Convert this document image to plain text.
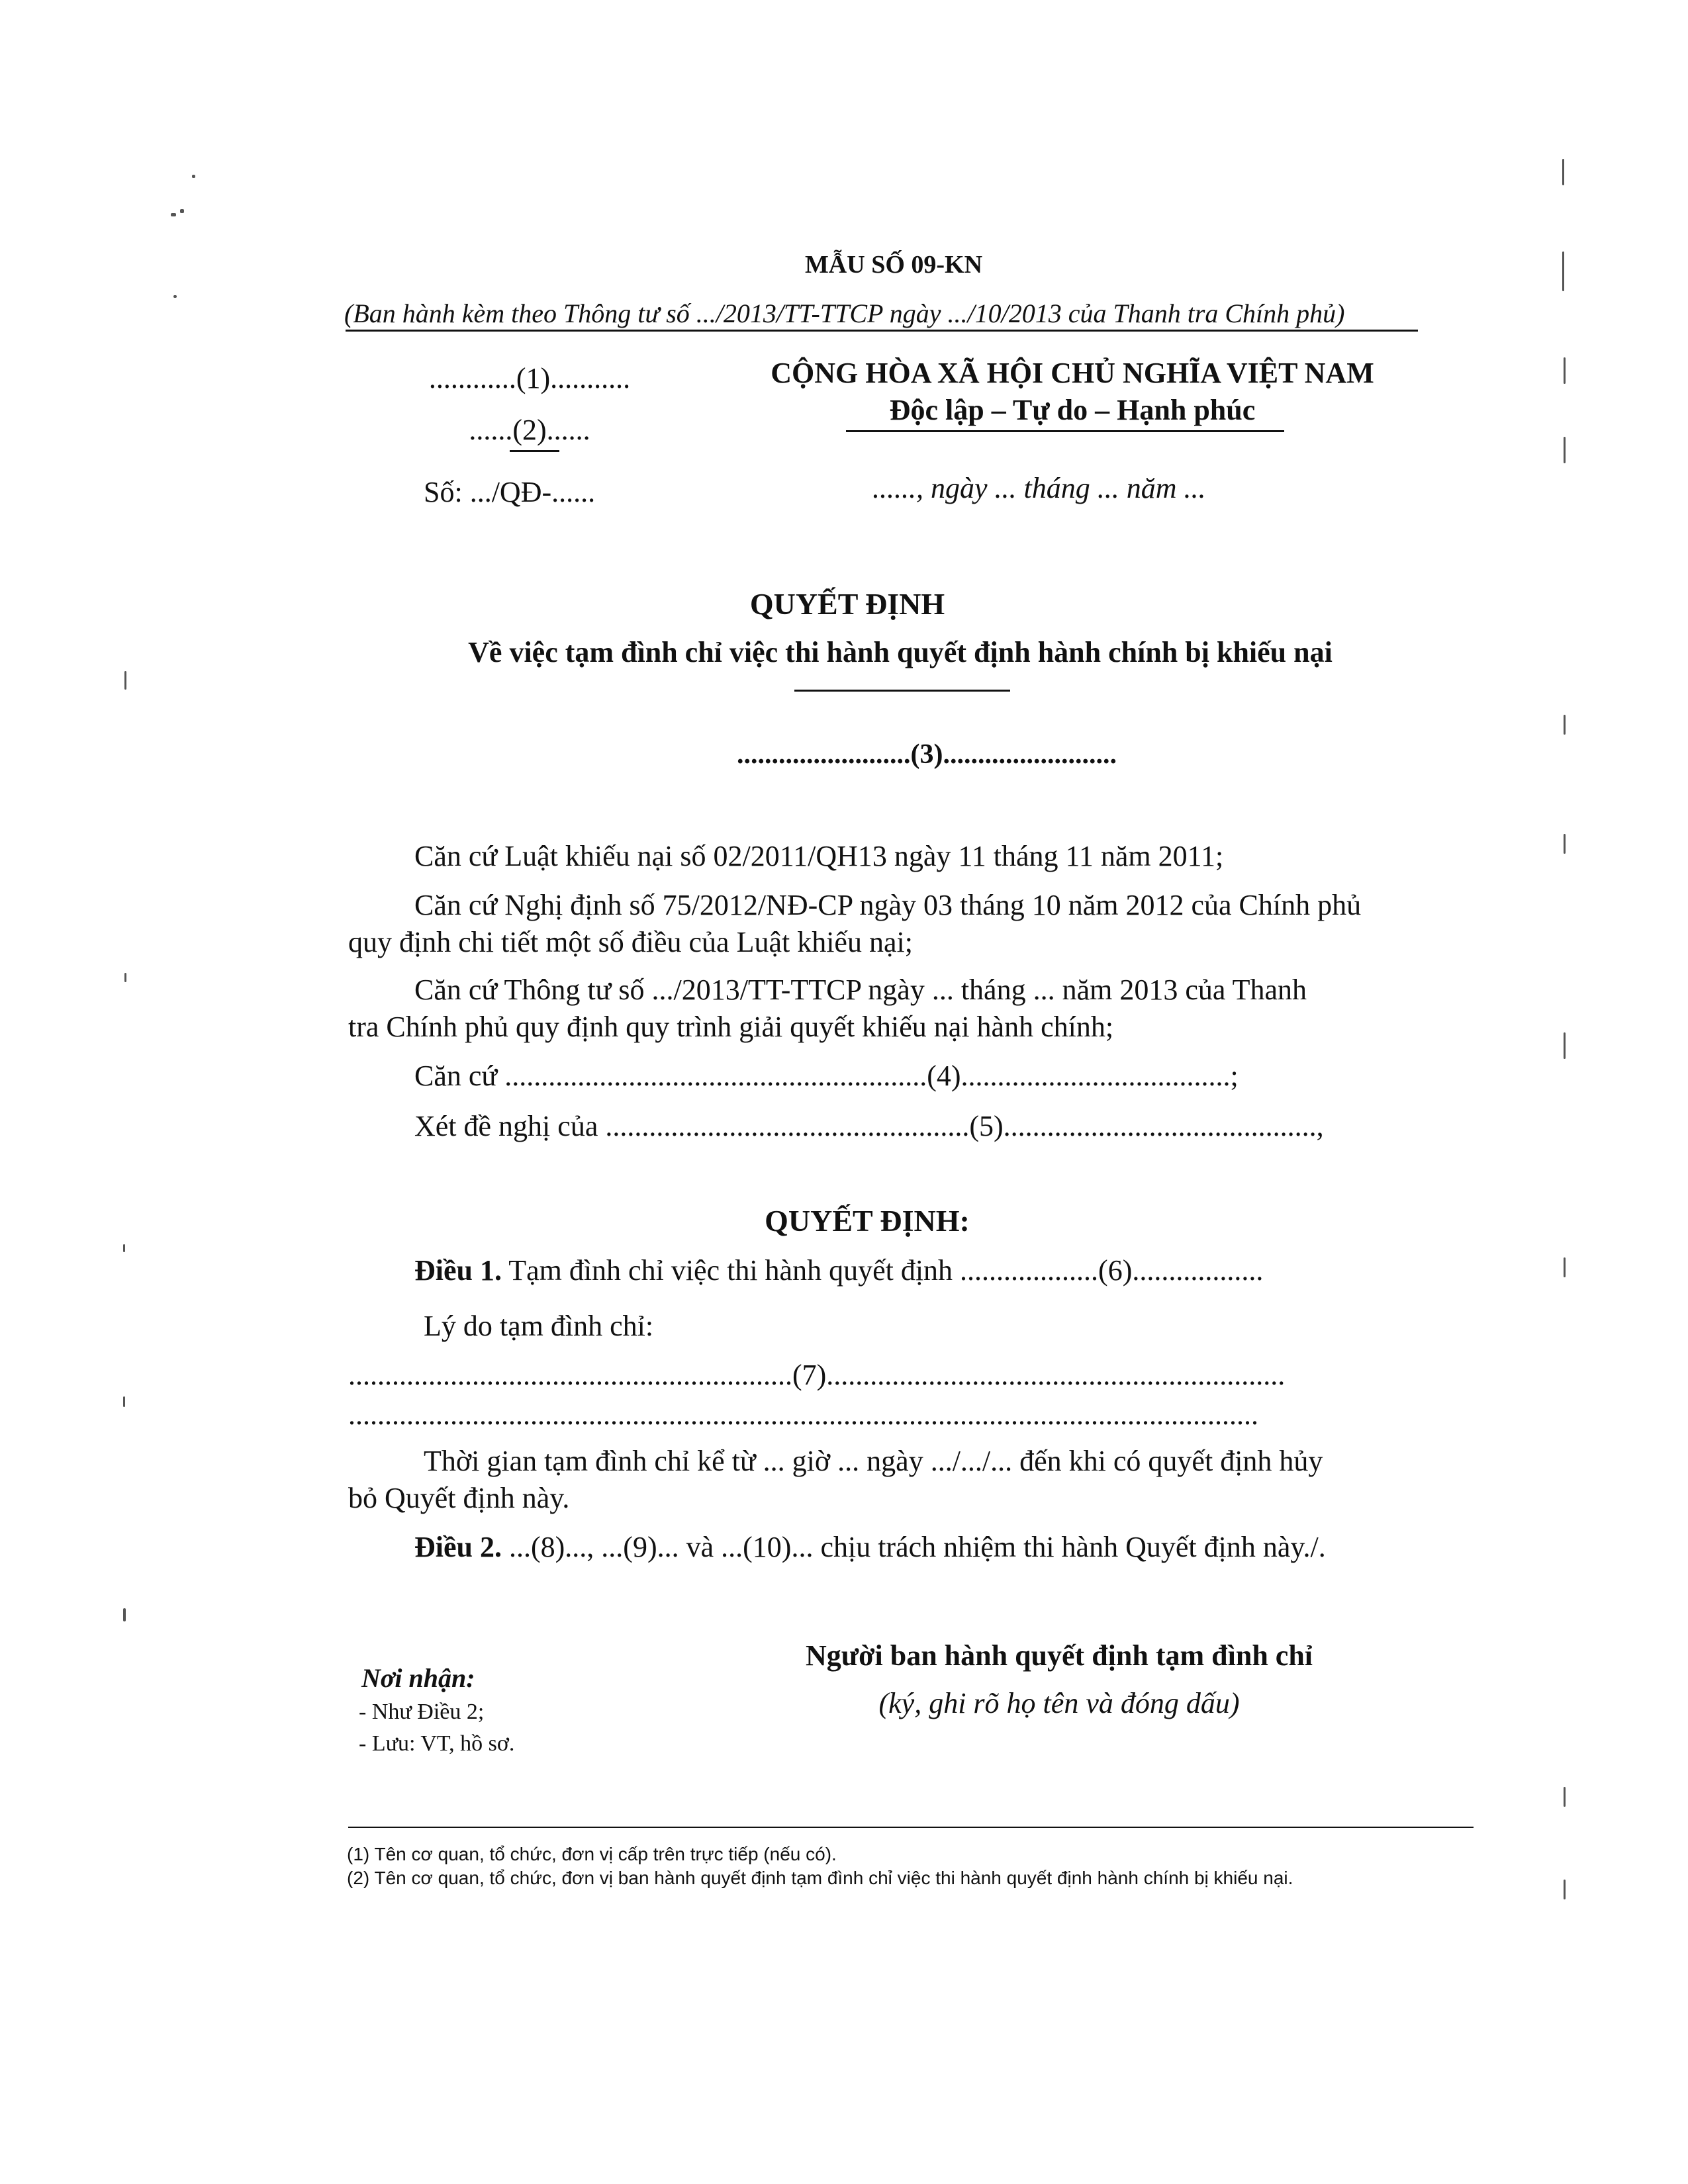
MẪU SỐ 09-KN
(Ban hành kèm theo Thông tư số .../2013/TT-TTCP ngày .../10/2013 của Thanh tra Chính phủ)
............(1)...........
......(2)......
Số: .../QĐ-......
CỘNG HÒA XÃ HỘI CHỦ NGHĨA VIỆT NAM
Độc lập – Tự do – Hạnh phúc
......, ngày ... tháng ... năm ...
QUYẾT ĐỊNH
Về việc tạm đình chỉ việc thi hành quyết định hành chính bị khiếu nại
.........................(3).........................
Căn cứ Luật khiếu nại số 02/2011/QH13 ngày 11 tháng 11 năm 2011;
Căn cứ Nghị định số 75/2012/NĐ-CP ngày 03 tháng 10 năm 2012 của Chính phủ
quy định chi tiết một số điều của Luật khiếu nại;
Căn cứ Thông tư số .../2013/TT-TTCP ngày ... tháng ... năm 2013 của Thanh
tra Chính phủ quy định quy trình giải quyết khiếu nại hành chính;
Căn cứ ..........................................................(4).....................................;
Xét đề nghị của ..................................................(5)...........................................,
QUYẾT ĐỊNH:
Điều 1. Tạm đình chỉ việc thi hành quyết định ...................(6)..................
Lý do tạm đình chỉ:
.............................................................(7)...............................................................
.............................................................................................................................
Thời gian tạm đình chỉ kể từ ... giờ ... ngày .../.../... đến khi có quyết định hủy
bỏ Quyết định này.
Điều 2. ...(8)..., ...(9)... và ...(10)... chịu trách nhiệm thi hành Quyết định này./.
Nơi nhận:
- Như Điều 2;
- Lưu: VT, hồ sơ.
Người ban hành quyết định tạm đình chỉ
(ký, ghi rõ họ tên và đóng dấu)
(1) Tên cơ quan, tổ chức, đơn vị cấp trên trực tiếp (nếu có).
(2) Tên cơ quan, tổ chức, đơn vị ban hành quyết định tạm đình chỉ việc thi hành quyết định hành chính bị khiếu nại.
